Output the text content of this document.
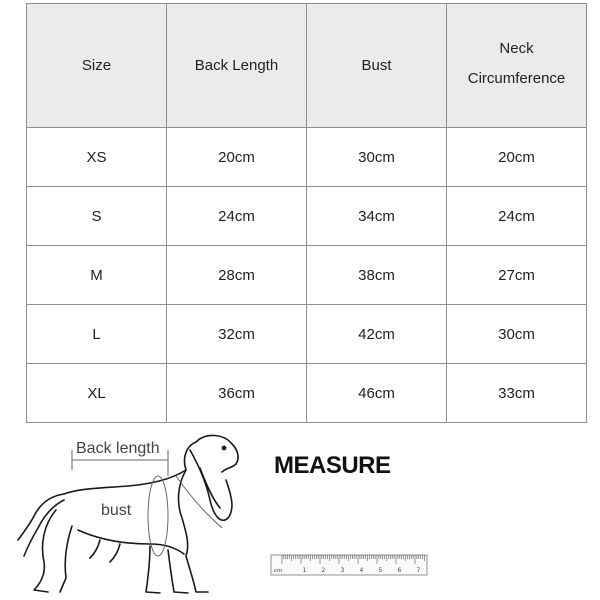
Size	Back Length	Bust	Neck
Circumference

XS	20cm	30cm	20cm
S	24cm	34cm	24cm
M	28cm	38cm	27cm
L	32cm	42cm	30cm
XL	36cm	46cm	33cm
Back length
bust
MEASURE
cm	1	2	3	4	5	6	7
